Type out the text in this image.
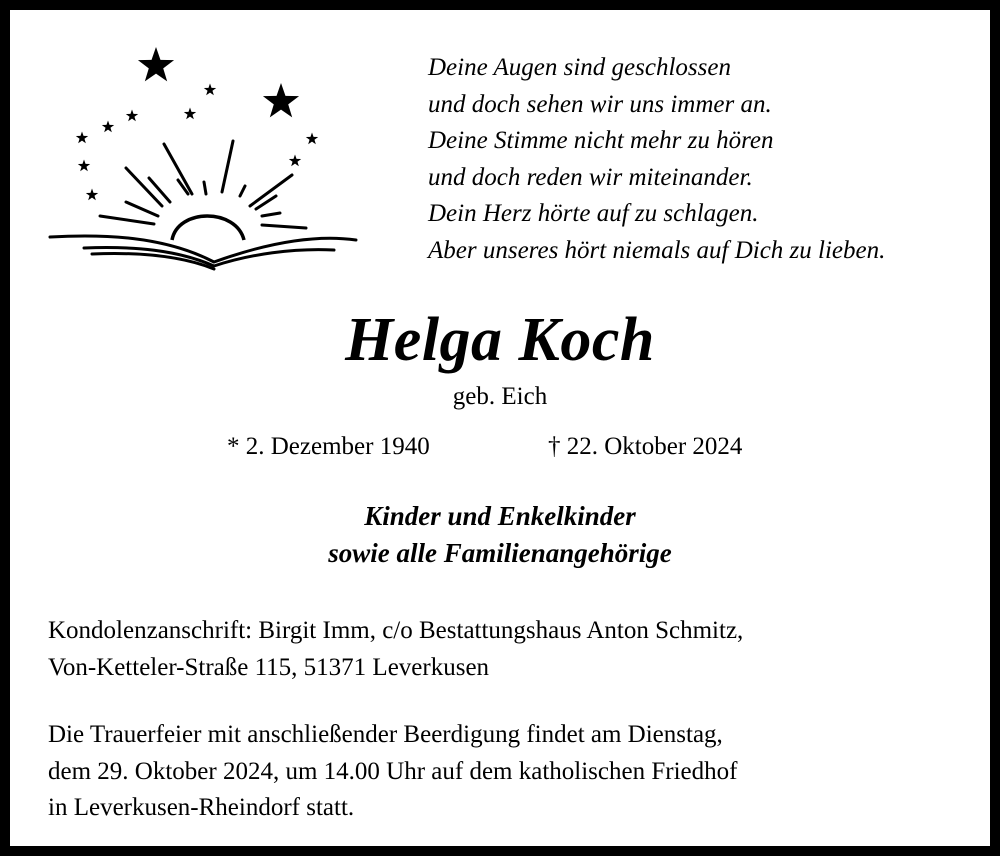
Deine Augen sind geschlossen
und doch sehen wir uns immer an.
Deine Stimme nicht mehr zu hören
und doch reden wir miteinander.
Dein Herz hörte auf zu schlagen.
Aber unseres hört niemals auf Dich zu lieben.
Helga Koch
geb. Eich
* 2. Dezember 1940	† 22. Oktober 2024
Kinder und Enkelkinder
sowie alle Familienangehörige
Kondolenzanschrift: Birgit Imm, c/o Bestattungshaus Anton Schmitz,
Von-Ketteler-Straße 115, 51371 Leverkusen
Die Trauerfeier mit anschließender Beerdigung findet am Dienstag,
dem 29. Oktober 2024, um 14.00 Uhr auf dem katholischen Friedhof
in Leverkusen-Rheindorf statt.
